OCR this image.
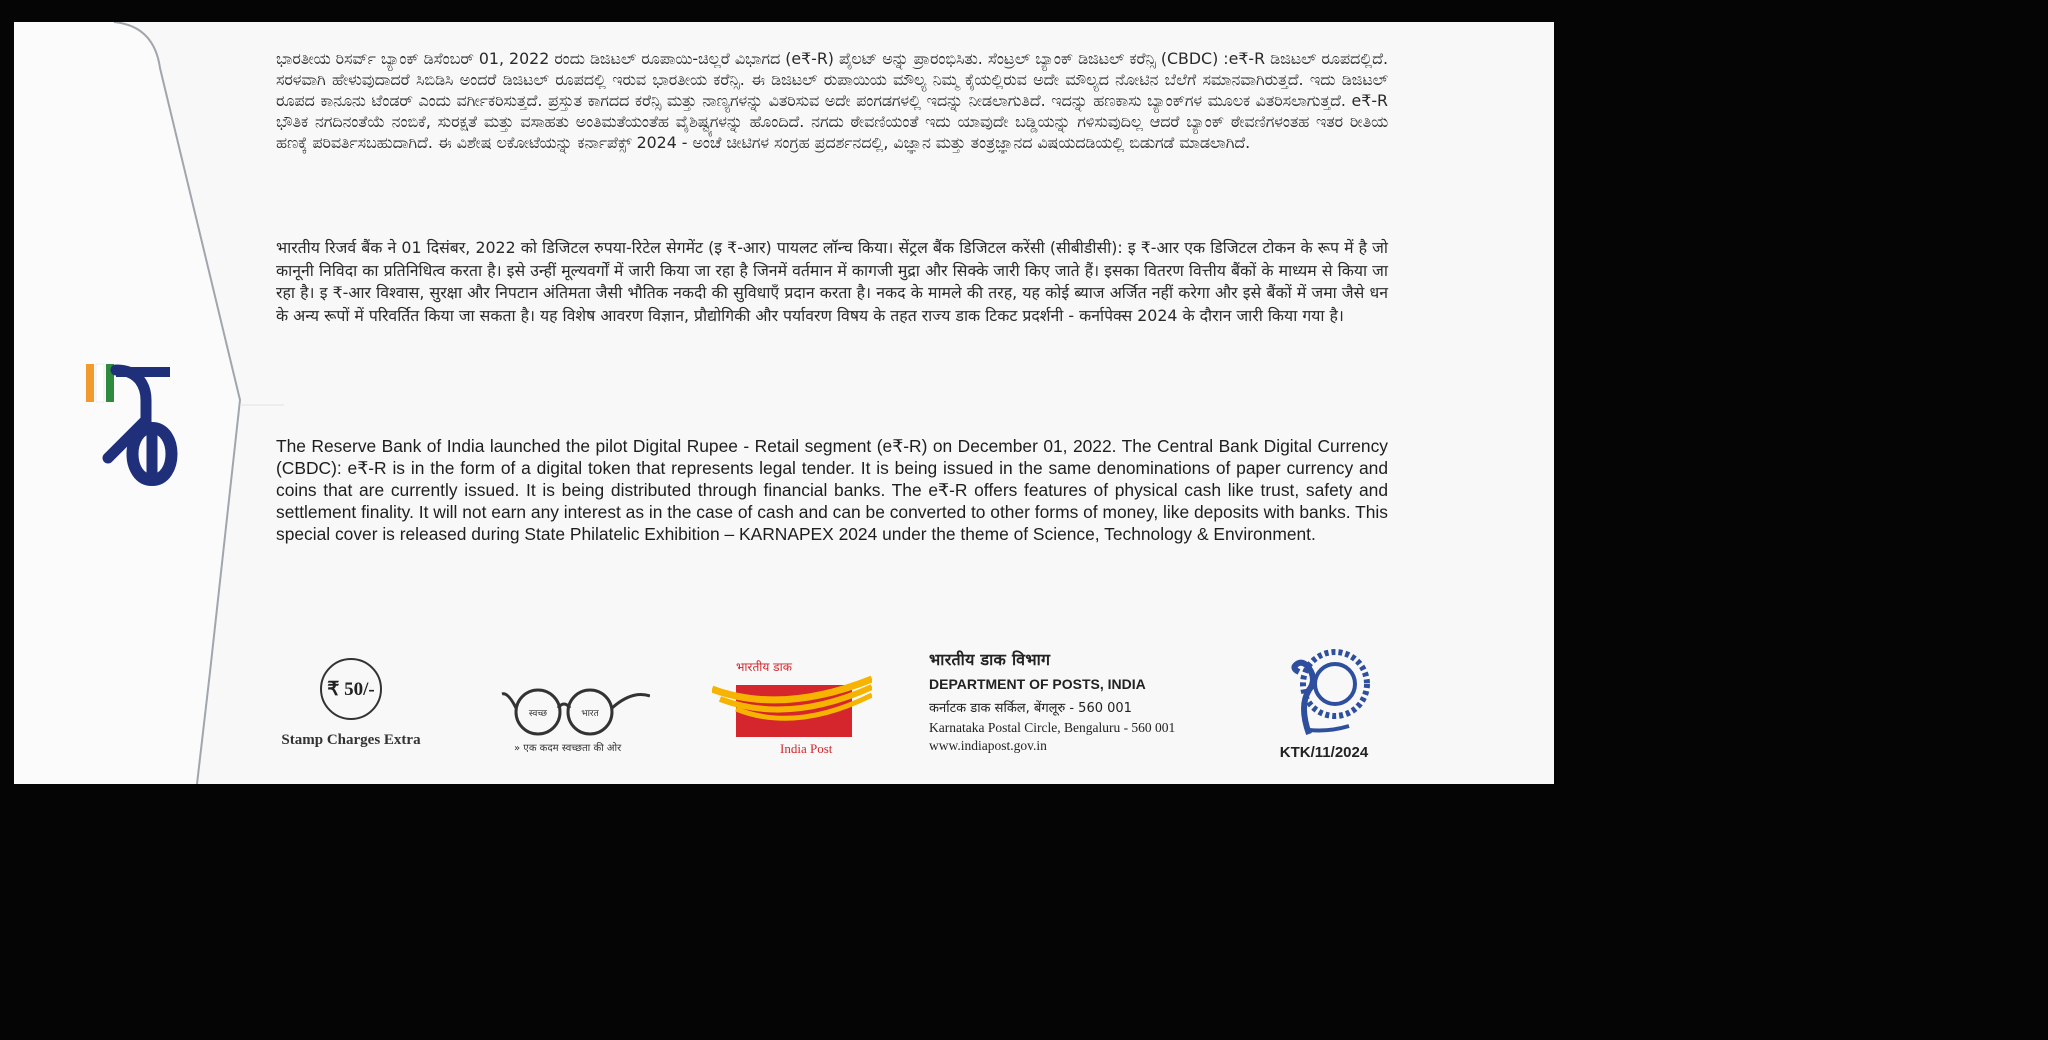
ಭಾರತೀಯ ರಿಸರ್ವ್ ಬ್ಯಾಂಕ್ ಡಿಸೆಂಬರ್ 01, 2022 ರಂದು ಡಿಜಿಟಲ್ ರೂಪಾಯಿ-ಚಿಲ್ಲರೆ ವಿಭಾಗದ (e₹-R) ಪೈಲಟ್ ಅನ್ನು ಪ್ರಾರಂಭಿಸಿತು. ಸೆಂಟ್ರಲ್ ಬ್ಯಾಂಕ್ ಡಿಜಿಟಲ್ ಕರೆನ್ಸಿ (CBDC) :e₹-R ಡಿಜಿಟಲ್ ರೂಪದಲ್ಲಿದೆ. ಸರಳವಾಗಿ ಹೇಳುವುದಾದರೆ ಸಿಬಿಡಿಸಿ ಅಂದರೆ ಡಿಜಿಟಲ್ ರೂಪದಲ್ಲಿ ಇರುವ ಭಾರತೀಯ ಕರೆನ್ಸಿ. ಈ ಡಿಜಿಟಲ್ ರುಪಾಯಿಯ ಮೌಲ್ಯ ನಿಮ್ಮ ಕೈಯಲ್ಲಿರುವ ಅದೇ ಮೌಲ್ಯದ ನೋಟಿನ ಬೆಲೆಗೆ ಸಮಾನವಾಗಿರುತ್ತದೆ. ಇದು ಡಿಜಿಟಲ್ ರೂಪದ ಕಾನೂನು ಟೆಂಡರ್ ಎಂದು ವರ್ಗೀಕರಿಸುತ್ತದೆ. ಪ್ರಸ್ತುತ ಕಾಗದದ ಕರೆನ್ಸಿ ಮತ್ತು ನಾಣ್ಯಗಳನ್ನು ವಿತರಿಸುವ ಅದೇ ಪಂಗಡಗಳಲ್ಲಿ ಇದನ್ನು ನೀಡಲಾಗುತಿದೆ. ಇದನ್ನು ಹಣಕಾಸು ಬ್ಯಾಂಕ್‌ಗಳ ಮೂಲಕ ವಿತರಿಸಲಾಗುತ್ತದೆ. e₹-R ಭೌತಿಕ ನಗದಿನಂತೆಯೆ ನಂಬಿಕೆ, ಸುರಕ್ಷತೆ ಮತ್ತು ವಸಾಹತು ಅಂತಿಮತೆಯಂತೆಹ ವೈಶಿಷ್ಟ್ಯಗಳನ್ನು ಹೊಂದಿದೆ. ನಗದು ಠೇವಣಿಯಂತೆ ಇದು ಯಾವುದೇ ಬಡ್ಡಿಯನ್ನು ಗಳಿಸುವುದಿಲ್ಲ ಆದರೆ ಬ್ಯಾಂಕ್ ಠೇವಣಿಗಳಂತಹ ಇತರ ರೀತಿಯ ಹಣಕ್ಕೆ ಪರಿವರ್ತಿಸಬಹುದಾಗಿದೆ. ಈ ವಿಶೇಷ ಲಕೋಟೆಯನ್ನು ಕರ್ನಾಪೆಕ್ಸ್ 2024 - ಅಂಚೆ ಚೀಟಿಗಳ ಸಂಗ್ರಹ ಪ್ರದರ್ಶನದಲ್ಲಿ, ವಿಜ್ಞಾನ ಮತ್ತು ತಂತ್ರಜ್ಞಾನದ ವಿಷಯದಡಿಯಲ್ಲಿ ಬಿಡುಗಡೆ ಮಾಡಲಾಗಿದೆ.

भारतीय रिजर्व बैंक ने 01 दिसंबर, 2022 को डिजिटल रुपया-रिटेल सेगमेंट (इ ₹-आर) पायलट लॉन्च किया। सेंट्रल बैंक डिजिटल करेंसी (सीबीडीसी): इ ₹-आर एक डिजिटल टोकन के रूप में है जो कानूनी निविदा का प्रतिनिधित्व करता है। इसे उन्हीं मूल्यवर्गों में जारी किया जा रहा है जिनमें वर्तमान में कागजी मुद्रा और सिक्के जारी किए जाते हैं। इसका वितरण वित्तीय बैंकों के माध्यम से किया जा रहा है। इ ₹-आर विश्वास, सुरक्षा और निपटान अंतिमता जैसी भौतिक नकदी की सुविधाएँ प्रदान करता है। नकद के मामले की तरह, यह कोई ब्याज अर्जित नहीं करेगा और इसे बैंकों में जमा जैसे धन के अन्य रूपों में परिवर्तित किया जा सकता है। यह विशेष आवरण विज्ञान, प्रौद्योगिकी और पर्यावरण विषय के तहत राज्य डाक टिकट प्रदर्शनी - कर्नापेक्स 2024 के दौरान जारी किया गया है।

The Reserve Bank of India launched the pilot Digital Rupee - Retail segment (e₹-R) on December 01, 2022. The Central Bank Digital Currency (CBDC): e₹-R is in the form of a digital token that represents legal tender. It is being issued in the same denominations of paper currency and coins that are currently issued. It is being distributed through financial banks. The e₹-R offers features of physical cash like trust, safety and settlement finality. It will not earn any interest as in the case of cash and can be converted to other forms of money, like deposits with banks. This special cover is released during State Philatelic Exhibition – KARNAPEX 2024 under the theme of Science, Technology & Environment.

₹ 50/-
Stamp Charges Extra
स्वच्छ	भारत
» एक कदम स्वच्छता की ओर
भारतीय डाक
India Post
भारतीय डाक विभाग
DEPARTMENT OF POSTS, INDIA
कर्नाटक डाक सर्किल, बेंगलूरु - 560 001
Karnataka Postal Circle, Bengaluru - 560 001
www.indiapost.gov.in	KTK/11/2024
